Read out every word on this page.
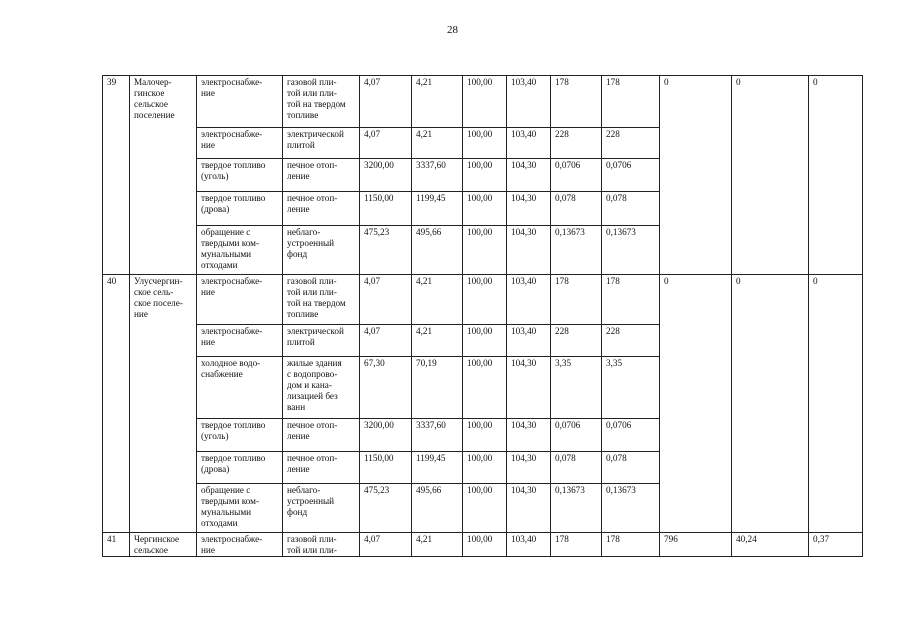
28
39	Малочер-
гинское
сельское
поселение	электроснабже-
ние	газовой пли-
той или пли-
той на твердом
топливе	4,07	4,21	100,00	103,40	178	178	0	0	0
		электроснабже-
ние	электрической
плитой	4,07	4,21	100,00	103,40	228	228			
		твердое топливо
(уголь)	печное отоп-
ление	3200,00	3337,60	100,00	104,30	0,0706	0,0706			
		твердое топливо
(дрова)	печное отоп-
ление	1150,00	1199,45	100,00	104,30	0,078	0,078			
		обращение с
твердыми ком-
мунальными
отходами	неблаго-
устроенный
фонд	475,23	495,66	100,00	104,30	0,13673	0,13673			
40	Улусчергин-
ское сель-
ское поселе-
ние	электроснабже-
ние	газовой пли-
той или пли-
той на твердом
топливе	4,07	4,21	100,00	103,40	178	178	0	0	0
		электроснабже-
ние	электрической
плитой	4,07	4,21	100,00	103,40	228	228			
		холодное водо-
снабжение	жилые здания
с водопрово-
дом и кана-
лизацией без
ванн	67,30	70,19	100,00	104,30	3,35	3,35			
		твердое топливо
(уголь)	печное отоп-
ление	3200,00	3337,60	100,00	104,30	0,0706	0,0706			
		твердое топливо
(дрова)	печное отоп-
ление	1150,00	1199,45	100,00	104,30	0,078	0,078			
		обращение с
твердыми ком-
мунальными
отходами	неблаго-
устроенный
фонд	475,23	495,66	100,00	104,30	0,13673	0,13673			
41	Чергинское
сельское	электроснабже-
ние	газовой пли-
той или пли-	4,07	4,21	100,00	103,40	178	178	796	40,24	0,37
